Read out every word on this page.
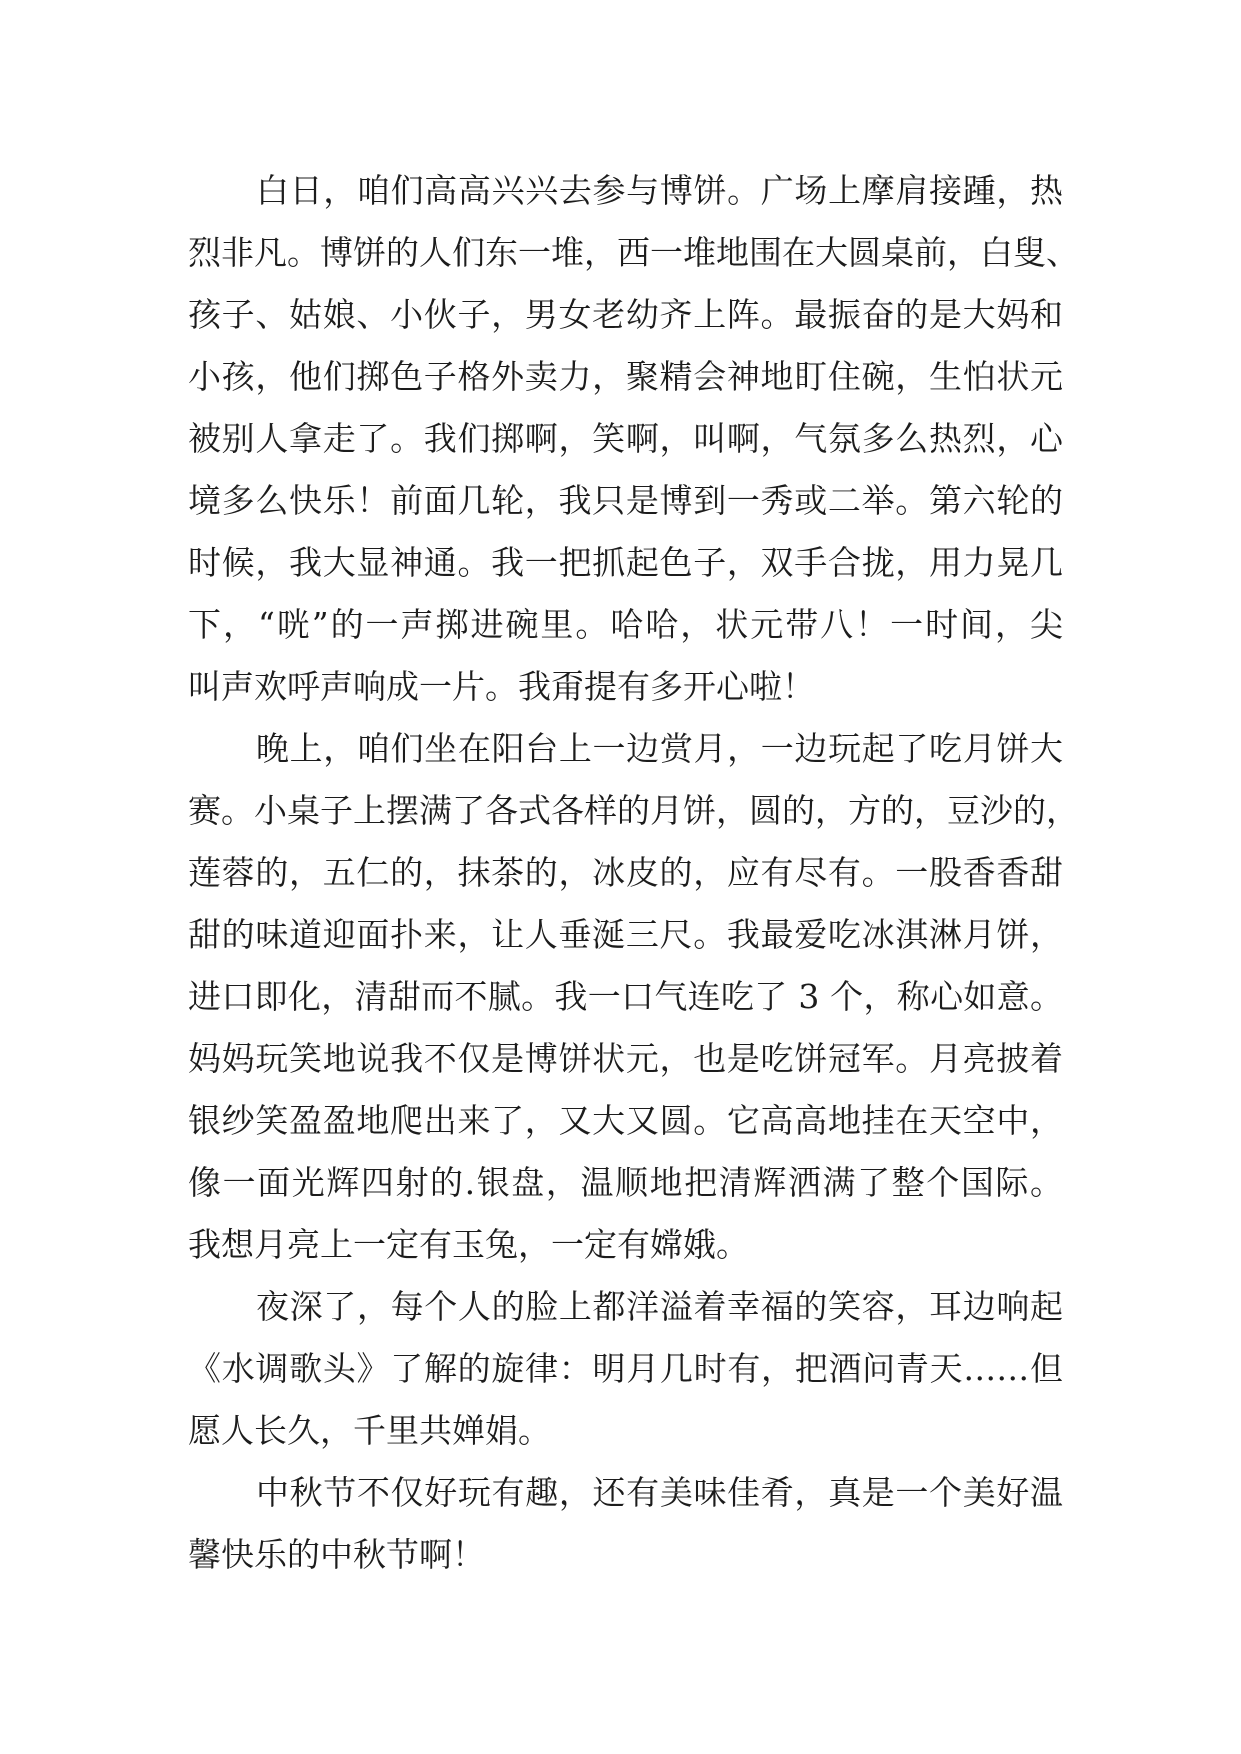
白日，咱们高高兴兴去参与博饼。广场上摩肩接踵，热
烈非凡。博饼的人们东一堆，西一堆地围在大圆桌前，白叟、
孩子、姑娘、小伙子，男女老幼齐上阵。最振奋的是大妈和
小孩，他们掷色子格外卖力，聚精会神地盯住碗，生怕状元
被别人拿走了。我们掷啊，笑啊，叫啊，气氛多么热烈，心
境多么快乐！前面几轮，我只是博到一秀或二举。第六轮的
时候，我大显神通。我一把抓起色子，双手合拢，用力晃几
下，“咣”的一声掷进碗里。哈哈，状元带八！一时间，尖
叫声欢呼声响成一片。我甭提有多开心啦！
晚上，咱们坐在阳台上一边赏月，一边玩起了吃月饼大
赛。小桌子上摆满了各式各样的月饼，圆的，方的，豆沙的，
莲蓉的，五仁的，抹茶的，冰皮的，应有尽有。一股香香甜
甜的味道迎面扑来，让人垂涎三尺。我最爱吃冰淇淋月饼，
进口即化，清甜而不腻。我一口气连吃了 3 个，称心如意。
妈妈玩笑地说我不仅是博饼状元，也是吃饼冠军。月亮披着
银纱笑盈盈地爬出来了，又大又圆。它高高地挂在天空中，
像一面光辉四射的.银盘，温顺地把清辉洒满了整个国际。
我想月亮上一定有玉兔，一定有嫦娥。
夜深了，每个人的脸上都洋溢着幸福的笑容，耳边响起
《水调歌头》了解的旋律：明月几时有，把酒问青天……但
愿人长久，千里共婵娟。
中秋节不仅好玩有趣，还有美味佳肴，真是一个美好温
馨快乐的中秋节啊！
